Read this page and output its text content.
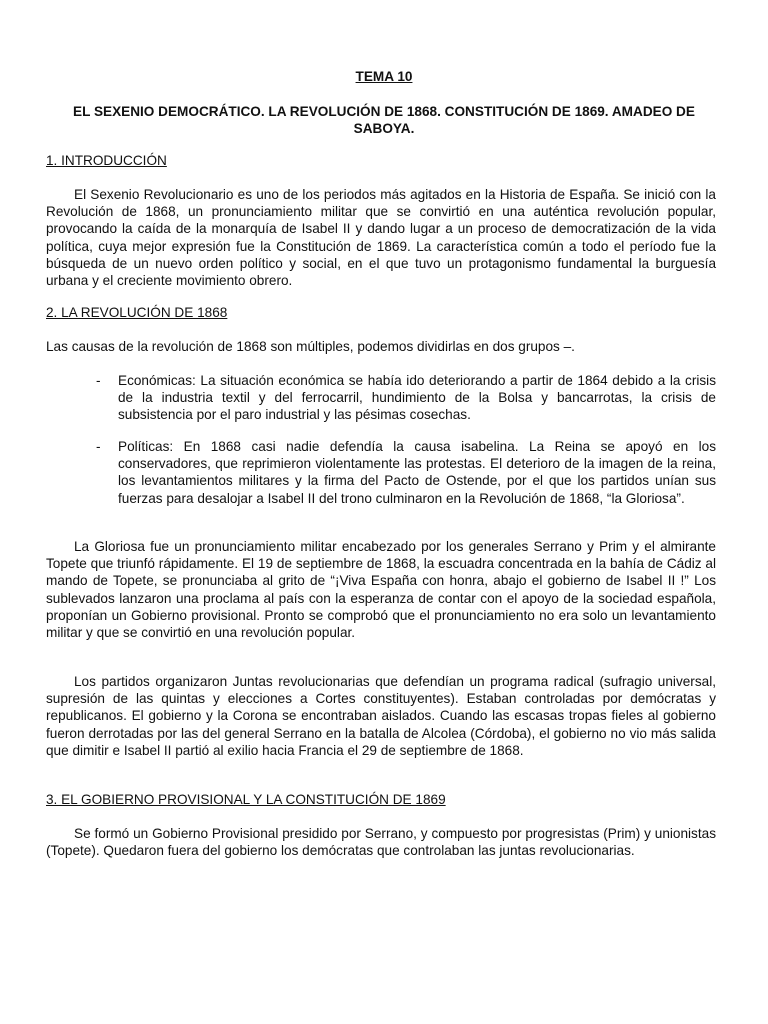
TEMA 10
EL SEXENIO DEMOCRÁTICO. LA REVOLUCIÓN DE 1868. CONSTITUCIÓN DE 1869. AMADEO DE SABOYA.
1. INTRODUCCIÓN
El Sexenio Revolucionario es uno de los periodos más agitados en la Historia de España. Se inició con la Revolución de 1868, un pronunciamiento militar que se convirtió en una auténtica revolución popular, provocando la caída de la monarquía de Isabel II y dando lugar a un proceso de democratización de la vida política, cuya mejor expresión fue la Constitución de 1869. La característica común a todo el período fue la búsqueda de un nuevo orden político y social, en el que tuvo un protagonismo fundamental la burguesía urbana y el creciente movimiento obrero.
2. LA REVOLUCIÓN DE 1868
Las causas de la revolución de 1868 son múltiples, podemos dividirlas en dos grupos –.
- Económicas: La situación económica se había ido deteriorando a partir de 1864 debido a la crisis de la industria textil y del ferrocarril, hundimiento de la Bolsa y bancarrotas, la crisis de subsistencia por el paro industrial y las pésimas cosechas.
- Políticas: En 1868 casi nadie defendía la causa isabelina. La Reina se apoyó en los conservadores, que reprimieron violentamente las protestas. El deterioro de la imagen de la reina, los levantamientos militares y la firma del Pacto de Ostende, por el que los partidos unían sus fuerzas para desalojar a Isabel II del trono culminaron en la Revolución de 1868, “la Gloriosa”.
La Gloriosa fue un pronunciamiento militar encabezado por los generales Serrano y Prim y el almirante Topete que triunfó rápidamente. El 19 de septiembre de 1868, la escuadra concentrada en la bahía de Cádiz al mando de Topete, se pronunciaba al grito de “¡Viva España con honra, abajo el gobierno de Isabel II !” Los sublevados lanzaron una proclama al país con la esperanza de contar con el apoyo de la sociedad española, proponían un Gobierno provisional. Pronto se comprobó que el pronunciamiento no era solo un levantamiento militar y que se convirtió en una revolución popular.
Los partidos organizaron Juntas revolucionarias que defendían un programa radical (sufragio universal, supresión de las quintas y elecciones a Cortes constituyentes). Estaban controladas por demócratas y republicanos. El gobierno y la Corona se encontraban aislados. Cuando las escasas tropas fieles al gobierno fueron derrotadas por las del general Serrano en la batalla de Alcolea (Córdoba), el gobierno no vio más salida que dimitir e Isabel II partió al exilio hacia Francia el 29 de septiembre de 1868.
3. EL GOBIERNO PROVISIONAL Y LA CONSTITUCIÓN DE 1869
Se formó un Gobierno Provisional presidido por Serrano, y compuesto por progresistas (Prim) y unionistas (Topete). Quedaron fuera del gobierno los demócratas que controlaban las juntas revolucionarias.
